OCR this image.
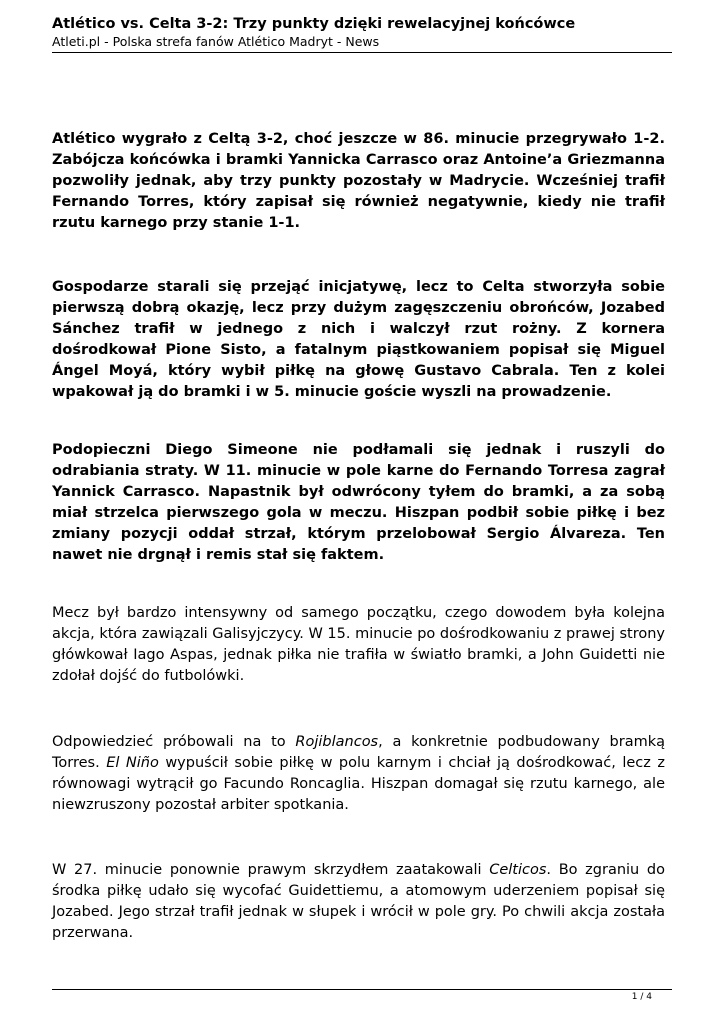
Atlético vs. Celta 3-2: Trzy punkty dzięki rewelacyjnej końcówce
Atleti.pl - Polska strefa fanów Atlético Madryt - News

Atlético wygrało z Celtą 3-2, choć jeszcze w 86. minucie przegrywało 1-2. Zabójcza końcówka i bramki Yannicka Carrasco oraz Antoine’a Griezmanna pozwoliły jednak, aby trzy punkty pozostały w Madrycie. Wcześniej trafił Fernando Torres, który zapisał się również negatywnie, kiedy nie trafił rzutu karnego przy stanie 1-1.

Gospodarze starali się przejąć inicjatywę, lecz to Celta stworzyła sobie pierwszą dobrą okazję, lecz przy dużym zagęszczeniu obrońców, Jozabed Sánchez trafił w jednego z nich i walczył rzut rożny. Z kornera dośrodkował Pione Sisto, a fatalnym piąstkowaniem popisał się Miguel Ángel Moyá, który wybił piłkę na głowę Gustavo Cabrala. Ten z kolei wpakował ją do bramki i w 5. minucie goście wyszli na prowadzenie.

Podopieczni Diego Simeone nie podłamali się jednak i ruszyli do odrabiania straty. W 11. minucie w pole karne do Fernando Torresa zagrał Yannick Carrasco. Napastnik był odwrócony tyłem do bramki, a za sobą miał strzelca pierwszego gola w meczu. Hiszpan podbił sobie piłkę i bez zmiany pozycji oddał strzał, którym przelobował Sergio Álvareza. Ten nawet nie drgnął i remis stał się faktem.

Mecz był bardzo intensywny od samego początku, czego dowodem była kolejna akcja, która zawiązali Galisyjczycy. W 15. minucie po dośrodkowaniu z prawej strony główkował Iago Aspas, jednak piłka nie trafiła w światło bramki, a John Guidetti nie zdołał dojść do futbolówki.

Odpowiedzieć próbowali na to Rojiblancos, a konkretnie podbudowany bramką Torres. El Niño wypuścił sobie piłkę w polu karnym i chciał ją dośrodkować, lecz z równowagi wytrącił go Facundo Roncaglia. Hiszpan domagał się rzutu karnego, ale niewzruszony pozostał arbiter spotkania.

W 27. minucie ponownie prawym skrzydłem zaatakowali Celticos. Bo zgraniu do środka piłkę udało się wycofać Guidettiemu, a atomowym uderzeniem popisał się Jozabed. Jego strzał trafił jednak w słupek i wrócił w pole gry. Po chwili akcja została przerwana.

1 / 4
